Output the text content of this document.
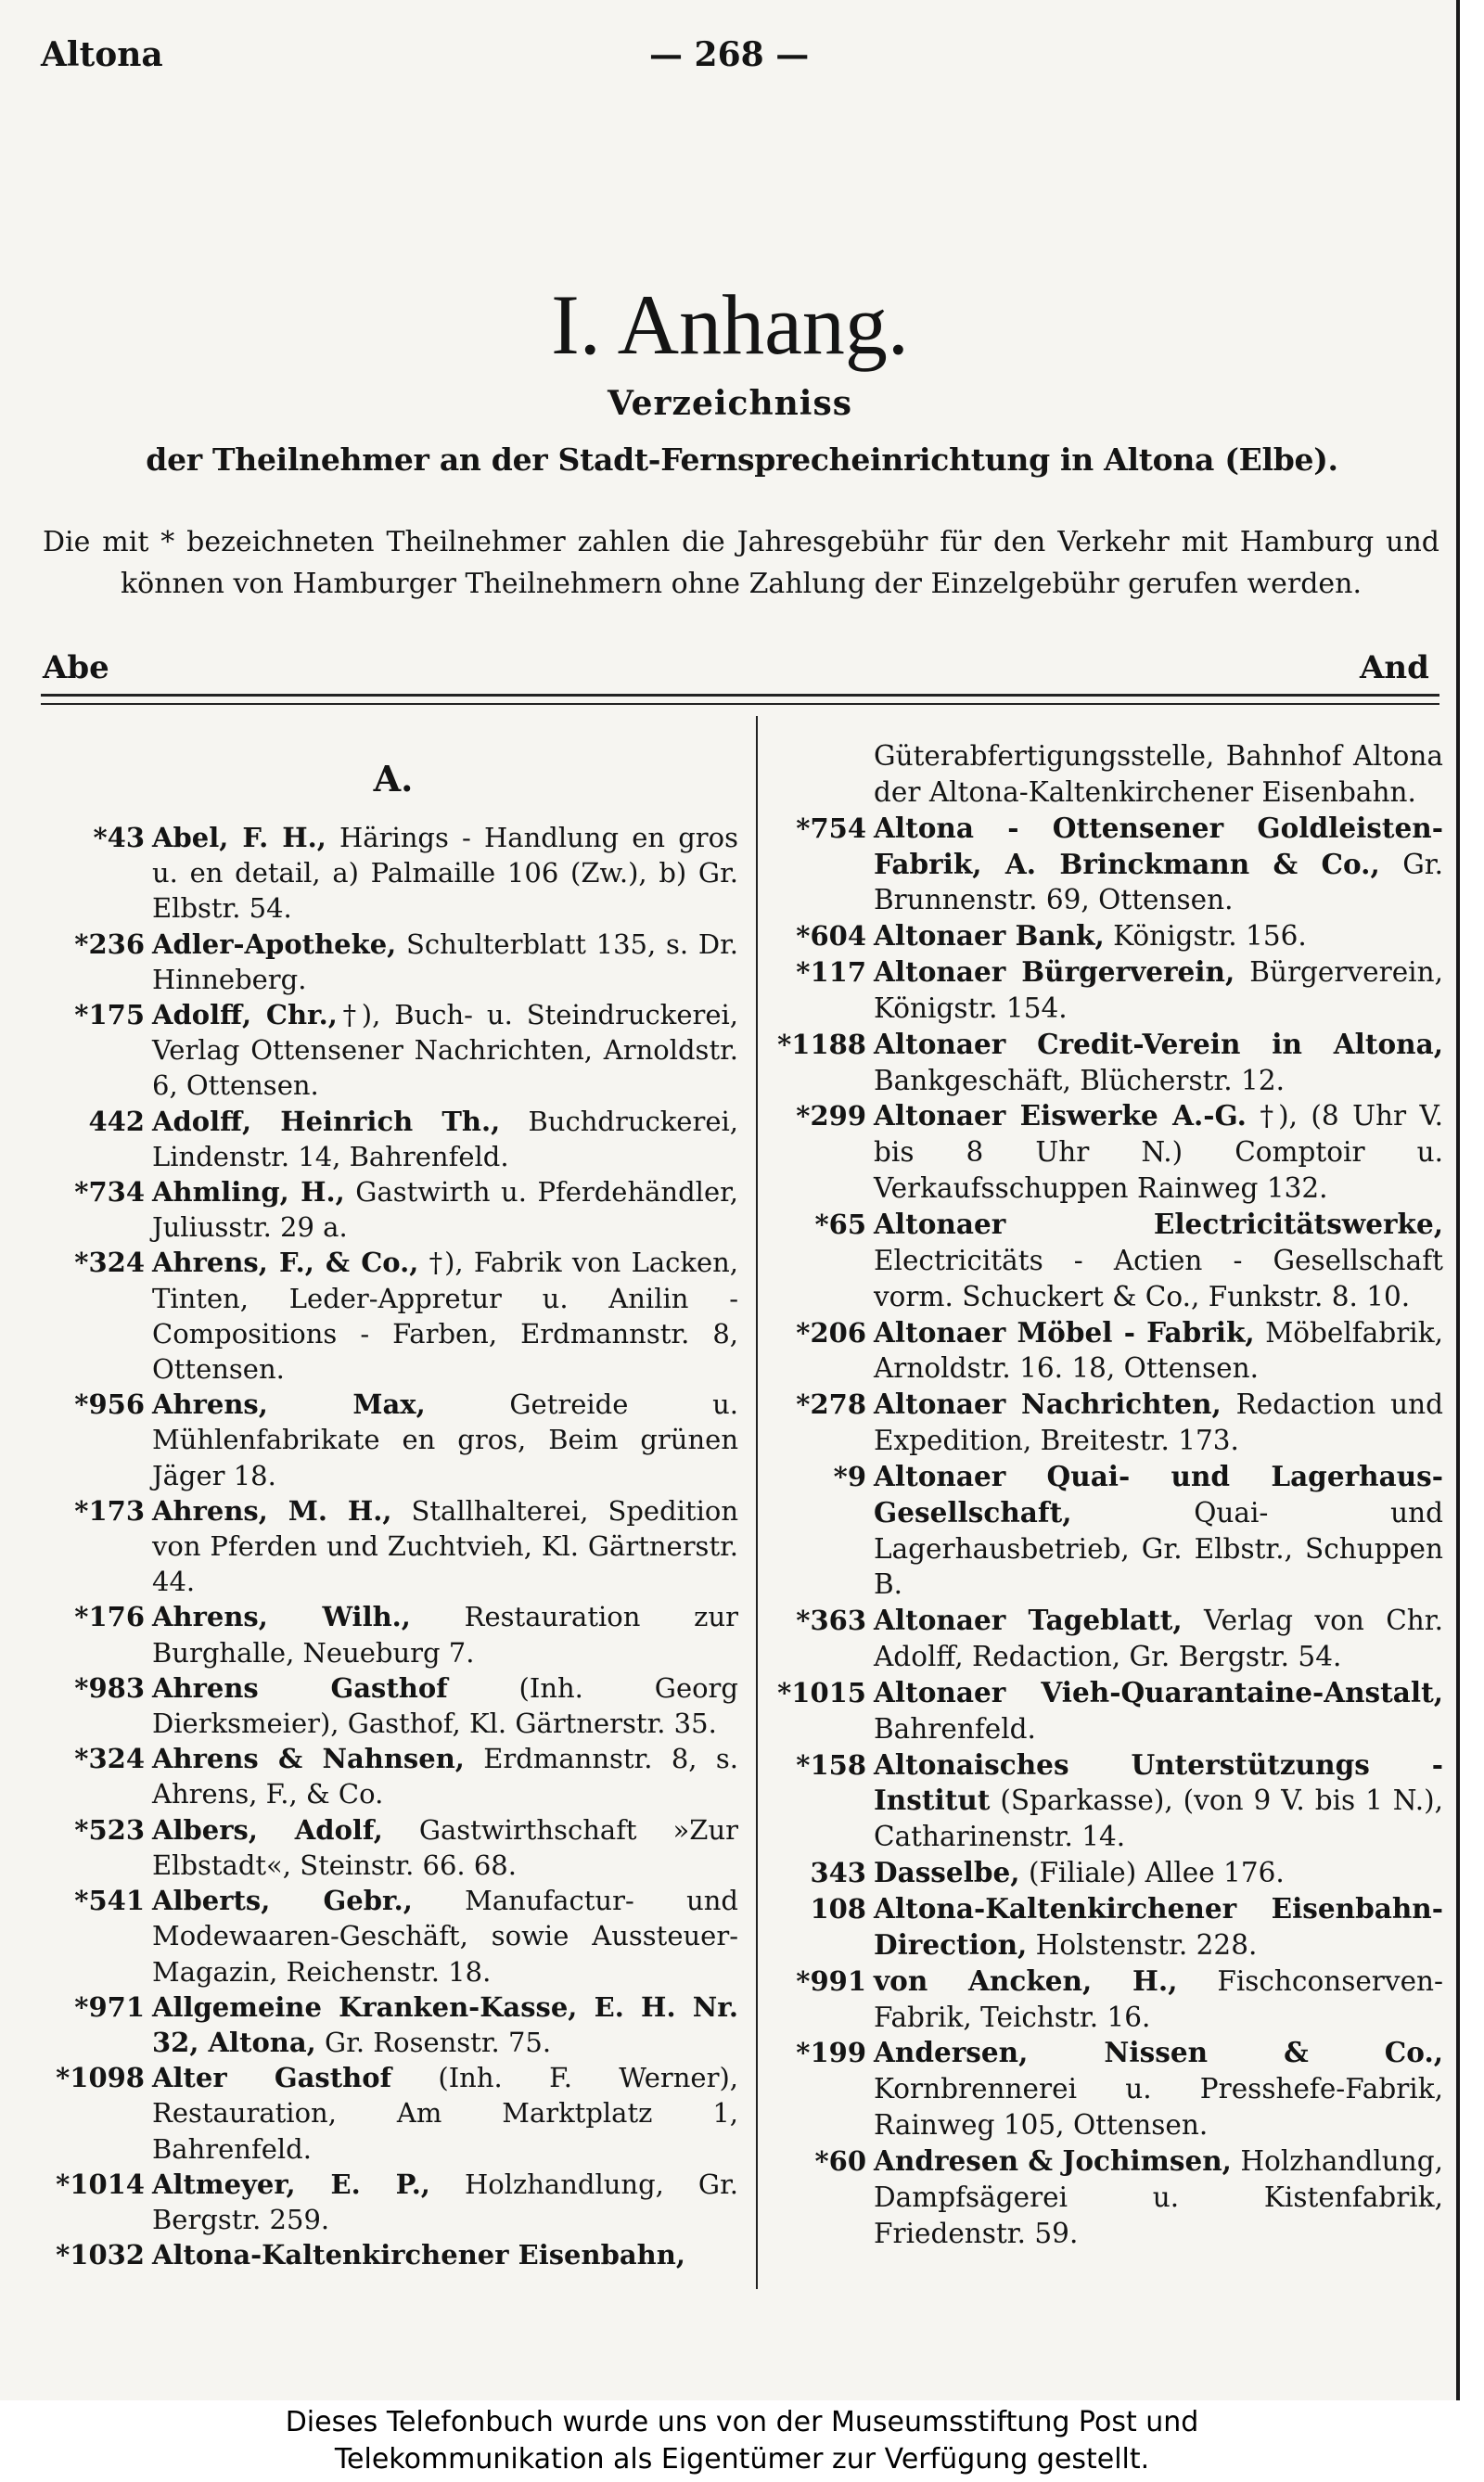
Altona	— 268 —
I. Anhang.
Verzeichniss
der Theilnehmer an der Stadt-Fernsprecheinrichtung in Altona (Elbe).
Die mit * bezeichneten Theilnehmer zahlen die Jahresgebühr für den Verkehr mit Hamburg und können von Hamburger Theilnehmern ohne Zahlung der Einzelgebühr gerufen werden.
Abe	And
A.
*43 Abel, F. H., Härings - Handlung en gros u. en detail, a) Palmaille 106 (Zw.), b) Gr. Elbstr. 54.
*236 Adler-Apotheke, Schulterblatt 135, s. Dr. Hinneberg.
*175 Adolff, Chr.,†), Buch- u. Steindruckerei, Verlag Ottensener Nachrichten, Arnoldstr. 6, Ottensen.
442 Adolff, Heinrich Th., Buchdruckerei, Lindenstr. 14, Bahrenfeld.
*734 Ahmling, H., Gastwirth u. Pferdehändler, Juliusstr. 29 a.
*324 Ahrens, F., & Co., †), Fabrik von Lacken, Tinten, Leder-Appretur u. Anilin - Compositions - Farben, Erdmannstr. 8, Ottensen.
*956 Ahrens, Max, Getreide u. Mühlenfabrikate en gros, Beim grünen Jäger 18.
*173 Ahrens, M. H., Stallhalterei, Spedition von Pferden und Zuchtvieh, Kl. Gärtnerstr. 44.
*176 Ahrens, Wilh., Restauration zur Burghalle, Neueburg 7.
*983 Ahrens Gasthof (Inh. Georg Dierksmeier), Gasthof, Kl. Gärtnerstr. 35.
*324 Ahrens & Nahnsen, Erdmannstr. 8, s. Ahrens, F., & Co.
*523 Albers, Adolf, Gastwirthschaft »Zur Elbstadt«, Steinstr. 66. 68.
*541 Alberts, Gebr., Manufactur- und Modewaaren-Geschäft, sowie Aussteuer-Magazin, Reichenstr. 18.
*971 Allgemeine Kranken-Kasse, E. H. Nr. 32, Altona, Gr. Rosenstr. 75.
*1098 Alter Gasthof (Inh. F. Werner), Restauration, Am Marktplatz 1, Bahrenfeld.
*1014 Altmeyer, E. P., Holzhandlung, Gr. Bergstr. 259.
*1032 Altona-Kaltenkirchener Eisenbahn,
Güterabfertigungsstelle, Bahnhof Altona der Altona-Kaltenkirchener Eisenbahn.
*754 Altona - Ottensener Goldleisten-Fabrik, A. Brinckmann & Co., Gr. Brunnenstr. 69, Ottensen.
*604 Altonaer Bank, Königstr. 156.
*117 Altonaer Bürgerverein, Bürgerverein, Königstr. 154.
*1188 Altonaer Credit-Verein in Altona, Bankgeschäft, Blücherstr. 12.
*299 Altonaer Eiswerke A.-G. †), (8 Uhr V. bis 8 Uhr N.) Comptoir u. Verkaufsschuppen Rainweg 132.
*65 Altonaer Electricitätswerke, Electricitäts - Actien - Gesellschaft vorm. Schuckert & Co., Funkstr. 8. 10.
*206 Altonaer Möbel - Fabrik, Möbelfabrik, Arnoldstr. 16. 18, Ottensen.
*278 Altonaer Nachrichten, Redaction und Expedition, Breitestr. 173.
*9 Altonaer Quai- und Lagerhaus-Gesellschaft, Quai- und Lagerhausbetrieb, Gr. Elbstr., Schuppen B.
*363 Altonaer Tageblatt, Verlag von Chr. Adolff, Redaction, Gr. Bergstr. 54.
*1015 Altonaer Vieh-Quarantaine-Anstalt, Bahrenfeld.
*158 Altonaisches Unterstützungs - Institut (Sparkasse), (von 9 V. bis 1 N.), Catharinenstr. 14.
343 Dasselbe, (Filiale) Allee 176.
108 Altona-Kaltenkirchener Eisenbahn-Direction, Holstenstr. 228.
*991 von Ancken, H., Fischconserven-Fabrik, Teichstr. 16.
*199 Andersen, Nissen & Co., Kornbrennerei u. Presshefe-Fabrik, Rainweg 105, Ottensen.
*60 Andresen & Jochimsen, Holzhandlung, Dampfsägerei u. Kistenfabrik, Friedenstr. 59.
Dieses Telefonbuch wurde uns von der Museumsstiftung Post und
Telekommunikation als Eigentümer zur Verfügung gestellt.
